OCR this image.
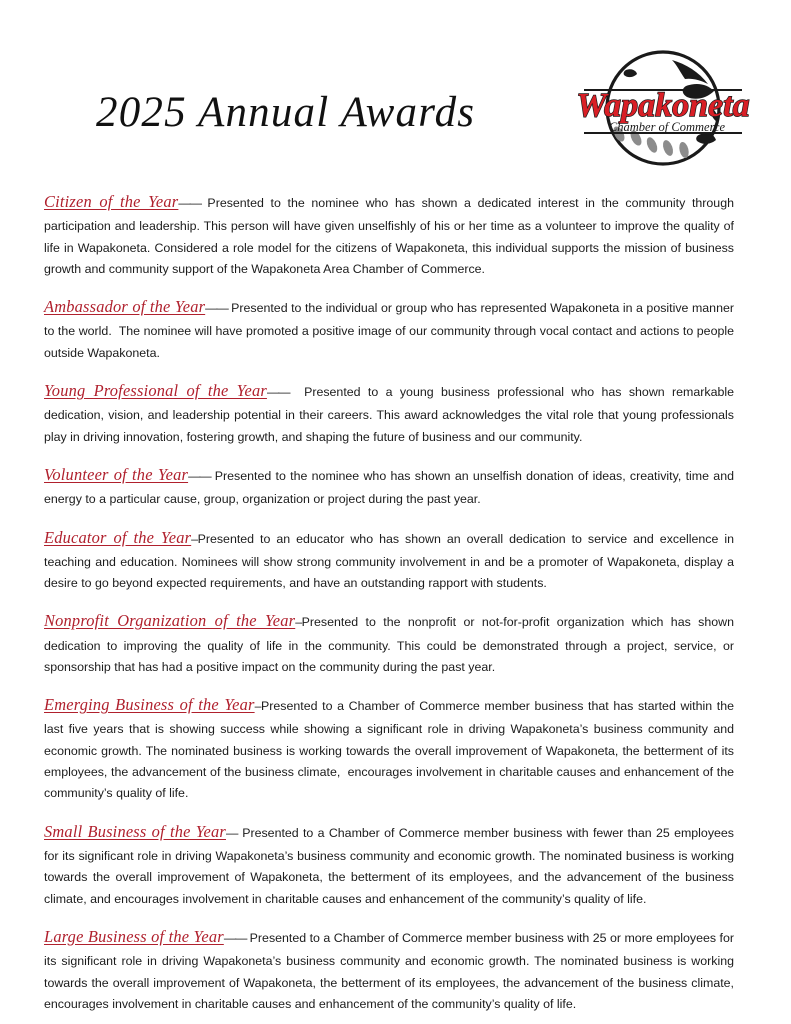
2025 Annual Awards	Wapakoneta
Chamber of Commerce

Citizen of the Year—— Presented to the nominee who has shown a dedicated interest in the community through participation and leadership. This person will have given unselfishly of his or her time as a volunteer to improve the quality of life in Wapakoneta. Considered a role model for the citizens of Wapakoneta, this individual supports the mission of business growth and community support of the Wapakoneta Area Chamber of Commerce.

Ambassador of the Year—— Presented to the individual or group who has represented Wapakoneta in a positive manner to the world.  The nominee will have promoted a positive image of our community through vocal contact and actions to people outside Wapakoneta.

Young Professional of the Year——  Presented to a young business professional who has shown remarkable dedication, vision, and leadership potential in their careers. This award acknowledges the vital role that young professionals play in driving innovation, fostering growth, and shaping the future of business and our community.

Volunteer of the Year—— Presented to the nominee who has shown an unselfish donation of ideas, creativity, time and energy to a particular cause, group, organization or project during the past year.

Educator of the Year–Presented to an educator who has shown an overall dedication to service and excellence in teaching and education. Nominees will show strong community involvement in and be a promoter of Wapakoneta, display a desire to go beyond expected requirements, and have an outstanding rapport with students.

Nonprofit Organization of the Year–Presented to the nonprofit or not-for-profit organization which has shown dedication to improving the quality of life in the community. This could be demonstrated through a project, service, or sponsorship that has had a positive impact on the community during the past year.

Emerging Business of the Year–Presented to a Chamber of Commerce member business that has started within the last five years that is showing success while showing a significant role in driving Wapakoneta’s business community and  economic growth. The nominated business is working towards the overall improvement of Wapakoneta, the betterment of its employees, the advancement of the business climate,  encourages involvement in charitable causes and enhancement of the community’s quality of life.

Small Business of the Year— Presented to a Chamber of Commerce member business with fewer than 25 employees for its significant role in driving Wapakoneta’s business community and economic growth. The nominated business is working towards the overall improvement of Wapakoneta, the betterment of its employees, and the advancement of the business climate, and encourages involvement in charitable causes and enhancement of the community’s quality of life.

Large Business of the Year—— Presented to a Chamber of Commerce member business with 25 or more employees for its significant role in driving Wapakoneta’s business community and economic growth. The nominated business is working towards the overall improvement of Wapakoneta, the betterment of its employees, the advancement of the business climate, encourages involvement in charitable causes and enhancement of the community’s quality of life.
